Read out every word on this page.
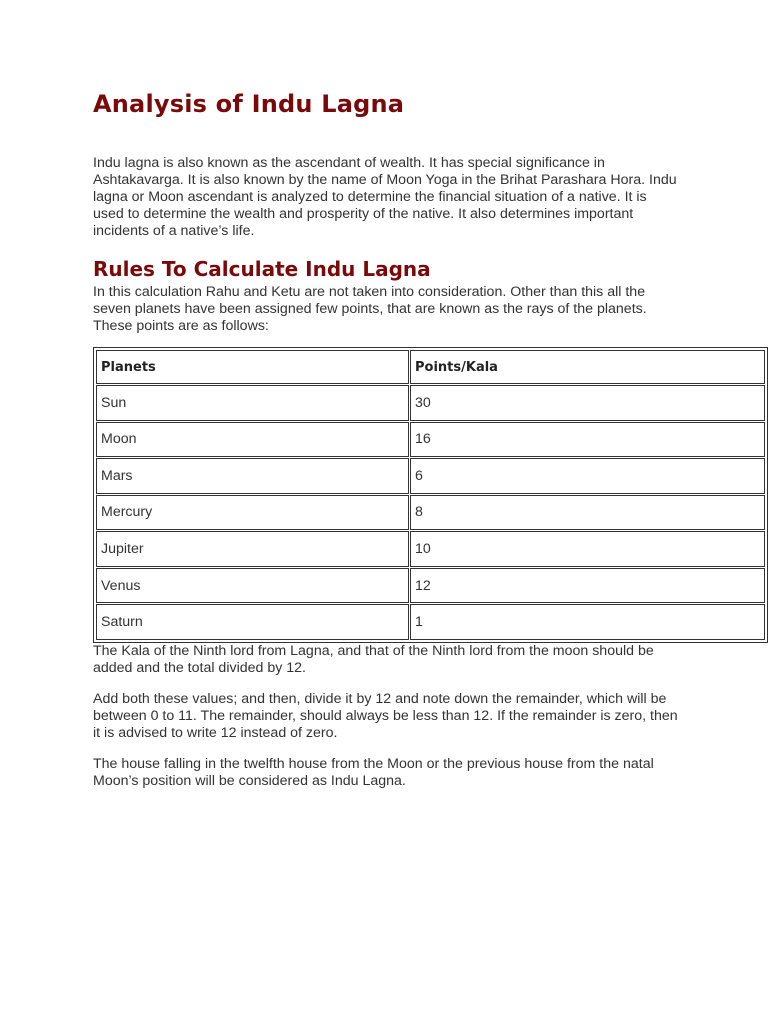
Analysis of Indu Lagna

Indu lagna is also known as the ascendant of wealth. It has special significance in Ashtakavarga. It is also known by the name of Moon Yoga in the Brihat Parashara Hora. Indu lagna or Moon ascendant is analyzed to determine the financial situation of a native. It is used to determine the wealth and prosperity of the native. It also determines important incidents of a native’s life.

Rules To Calculate Indu Lagna

In this calculation Rahu and Ketu are not taken into consideration. Other than this all the seven planets have been assigned few points, that are known as the rays of the planets. These points are as follows:

Planets	Points/Kala
Sun	30
Moon	16
Mars	6
Mercury	8
Jupiter	10
Venus	12
Saturn	1

The Kala of the Ninth lord from Lagna, and that of the Ninth lord from the moon should be added and the total divided by 12.

Add both these values; and then, divide it by 12 and note down the remainder, which will be between 0 to 11. The remainder, should always be less than 12. If the remainder is zero, then it is advised to write 12 instead of zero.

The house falling in the twelfth house from the Moon or the previous house from the natal Moon’s position will be considered as Indu Lagna.
